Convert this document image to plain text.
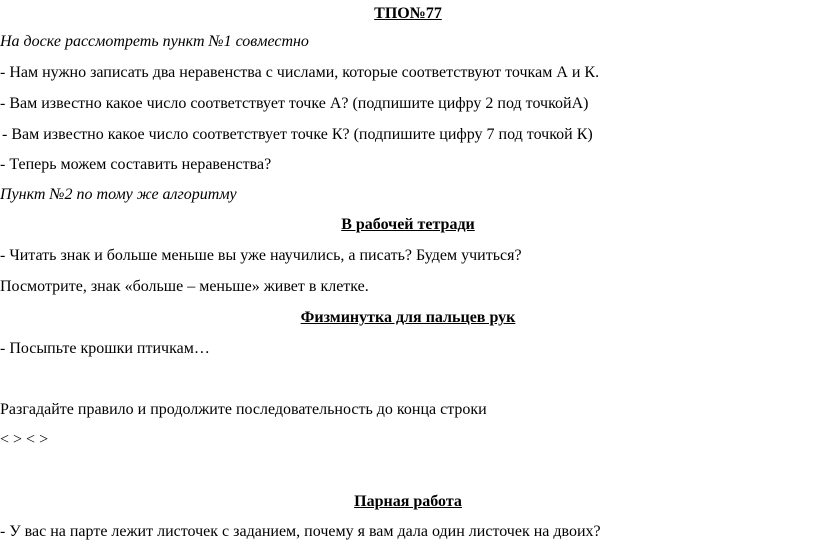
ТПО№77
На доске рассмотреть пункт №1 совместно
- Нам нужно записать два неравенства с числами, которые соответствуют точкам А и К.
- Вам известно какое число соответствует точке А? (подпишите цифру 2 под точкойА)
- Вам известно какое число соответствует точке К? (подпишите цифру 7 под точкой К)
- Теперь можем составить неравенства?
Пункт №2 по тому же алгоритму
В рабочей тетради
- Читать знак и больше меньше вы уже научились, а писать? Будем учиться?
Посмотрите, знак «больше – меньше» живет в клетке.
Физминутка для пальцев рук
- Посыпьте крошки птичкам…
Разгадайте правило и продолжите последовательность до конца строки
< > < >
Парная работа
- У вас на парте лежит листочек с заданием, почему я вам дала один листочек на двоих?
